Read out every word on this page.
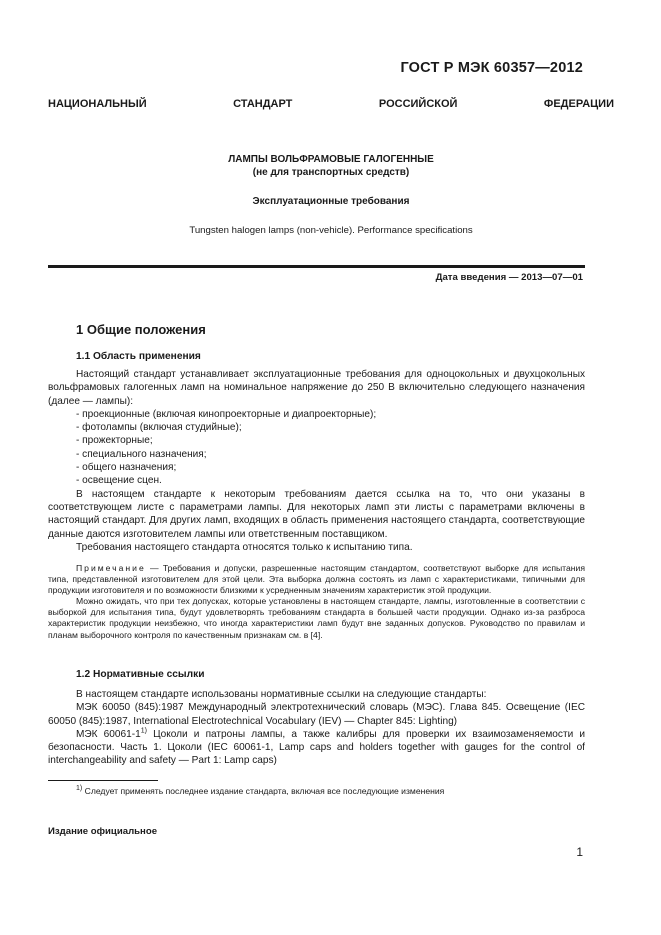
ГОСТ Р МЭК 60357—2012
НАЦИОНАЛЬНЫЙ СТАНДАРТ РОССИЙСКОЙ ФЕДЕРАЦИИ
ЛАМПЫ ВОЛЬФРАМОВЫЕ ГАЛОГЕННЫЕ
(не для транспортных средств)
Эксплуатационные требования
Tungsten halogen lamps (non-vehicle). Performance specifications
Дата введения — 2013—07—01
1 Общие положения
1.1 Область применения

Настоящий стандарт устанавливает эксплуатационные требования для одноцокольных и двухцокольных вольфрамовых галогенных ламп на номинальное напряжение до 250 В включительно следующего назначения (далее — лампы):

- проекционные (включая кинопроекторные и диапроекторные);
- фотолампы (включая студийные);
- прожекторные;
- специального назначения;
- общего назначения;
- освещение сцен.

В настоящем стандарте к некоторым требованиям дается ссылка на то, что они указаны в соответствующем листе с параметрами лампы. Для некоторых ламп эти листы с параметрами включены в настоящий стандарт. Для других ламп, входящих в область применения настоящего стандарта, соответствующие данные даются изготовителем лампы или ответственным поставщиком.

Требования настоящего стандарта относятся только к испытанию типа.

Примечание — Требования и допуски, разрешенные настоящим стандартом, соответствуют выборке для испытания типа, представленной изготовителем для этой цели. Эта выборка должна состоять из ламп с характеристиками, типичными для продукции изготовителя и по возможности близкими к усредненным значениям характеристик этой продукции.

Можно ожидать, что при тех допусках, которые установлены в настоящем стандарте, лампы, изготовленные в соответствии с выборкой для испытания типа, будут удовлетворять требованиям стандарта в большей части продукции. Однако из-за разброса характеристик продукции неизбежно, что иногда характеристики ламп будут вне заданных допусков. Руководство по правилам и планам выборочного контроля по качественным признакам см. в [4].

1.2 Нормативные ссылки

В настоящем стандарте использованы нормативные ссылки на следующие стандарты:

МЭК 60050 (845):1987 Международный электротехнический словарь (МЭС). Глава 845. Освещение (IEC 60050 (845):1987, International Electrotechnical Vocabulary (IEV) — Chapter 845: Lighting)

МЭК 60061-1$^{1)}$ Цоколи и патроны лампы, а также калибры для проверки их взаимозаменяемости и безопасности. Часть 1. Цоколи (IEC 60061-1, Lamp caps and holders together with gauges for the control of interchangeability and safety — Part 1: Lamp caps)

$^{1)}$ Следует применять последнее издание стандарта, включая все последующие изменения
Издание официальное
1
